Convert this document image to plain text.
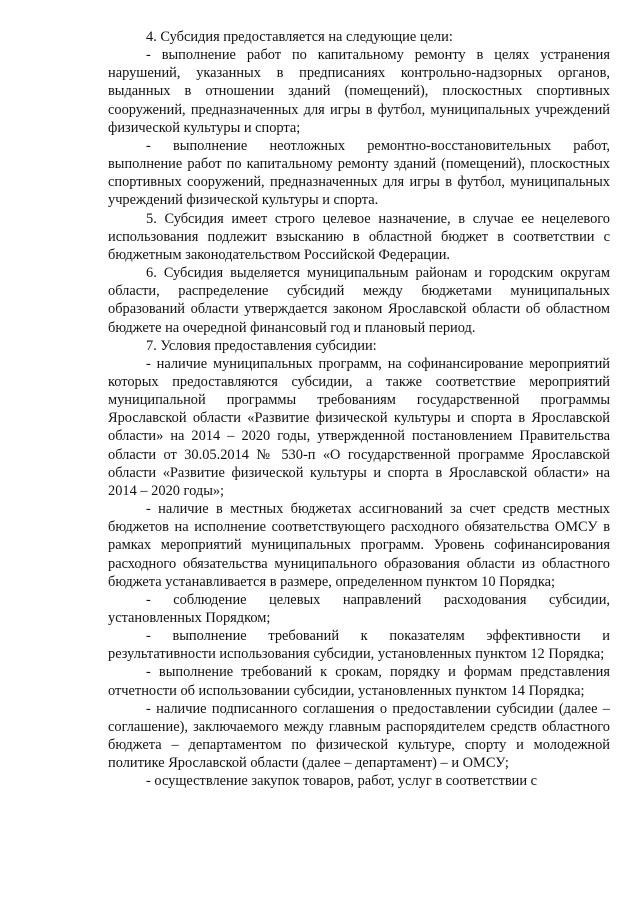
4. Субсидия предоставляется на следующие цели:

- выполнение работ по капитальному ремонту в целях устранения нарушений, указанных в предписаниях контрольно-надзорных органов, выданных в отношении зданий (помещений), плоскостных спортивных сооружений, предназначенных для игры в футбол, муниципальных учреждений физической культуры и спорта;

- выполнение неотложных ремонтно-восстановительных работ, выполнение работ по капитальному ремонту зданий (помещений), плоскостных спортивных сооружений, предназначенных для игры в футбол, муниципальных учреждений физической культуры и спорта.

5. Субсидия имеет строго целевое назначение, в случае ее нецелевого использования подлежит взысканию в областной бюджет в соответствии с бюджетным законодательством Российской Федерации.

6. Субсидия выделяется муниципальным районам и городским округам области, распределение субсидий между бюджетами муниципальных образований области утверждается законом Ярославской области об областном бюджете на очередной финансовый год и плановый период.

7. Условия предоставления субсидии:

- наличие муниципальных программ, на софинансирование мероприятий которых предоставляются субсидии, а также соответствие мероприятий муниципальной программы требованиям государственной программы Ярославской области «Развитие физической культуры и спорта в Ярославской области» на 2014 – 2020 годы, утвержденной постановлением Правительства области от 30.05.2014 № 530-п «О государственной программе Ярославской области «Развитие физической культуры и спорта в Ярославской области» на 2014 – 2020 годы»;

- наличие в местных бюджетах ассигнований за счет средств местных бюджетов на исполнение соответствующего расходного обязательства ОМСУ в рамках мероприятий муниципальных программ. Уровень софинансирования расходного обязательства муниципального образования области из областного бюджета устанавливается в размере, определенном пунктом 10 Порядка;

- соблюдение целевых направлений расходования субсидии, установленных Порядком;

- выполнение требований к показателям эффективности и результативности использования субсидии, установленных пунктом 12 Порядка;

- выполнение требований к срокам, порядку и формам представления отчетности об использовании субсидии, установленных пунктом 14 Порядка;

- наличие подписанного соглашения о предоставлении субсидии (далее – соглашение), заключаемого между главным распорядителем средств областного бюджета – департаментом по физической культуре, спорту и молодежной политике Ярославской области (далее – департамент) – и ОМСУ;

- осуществление закупок товаров, работ, услуг в соответствии с
